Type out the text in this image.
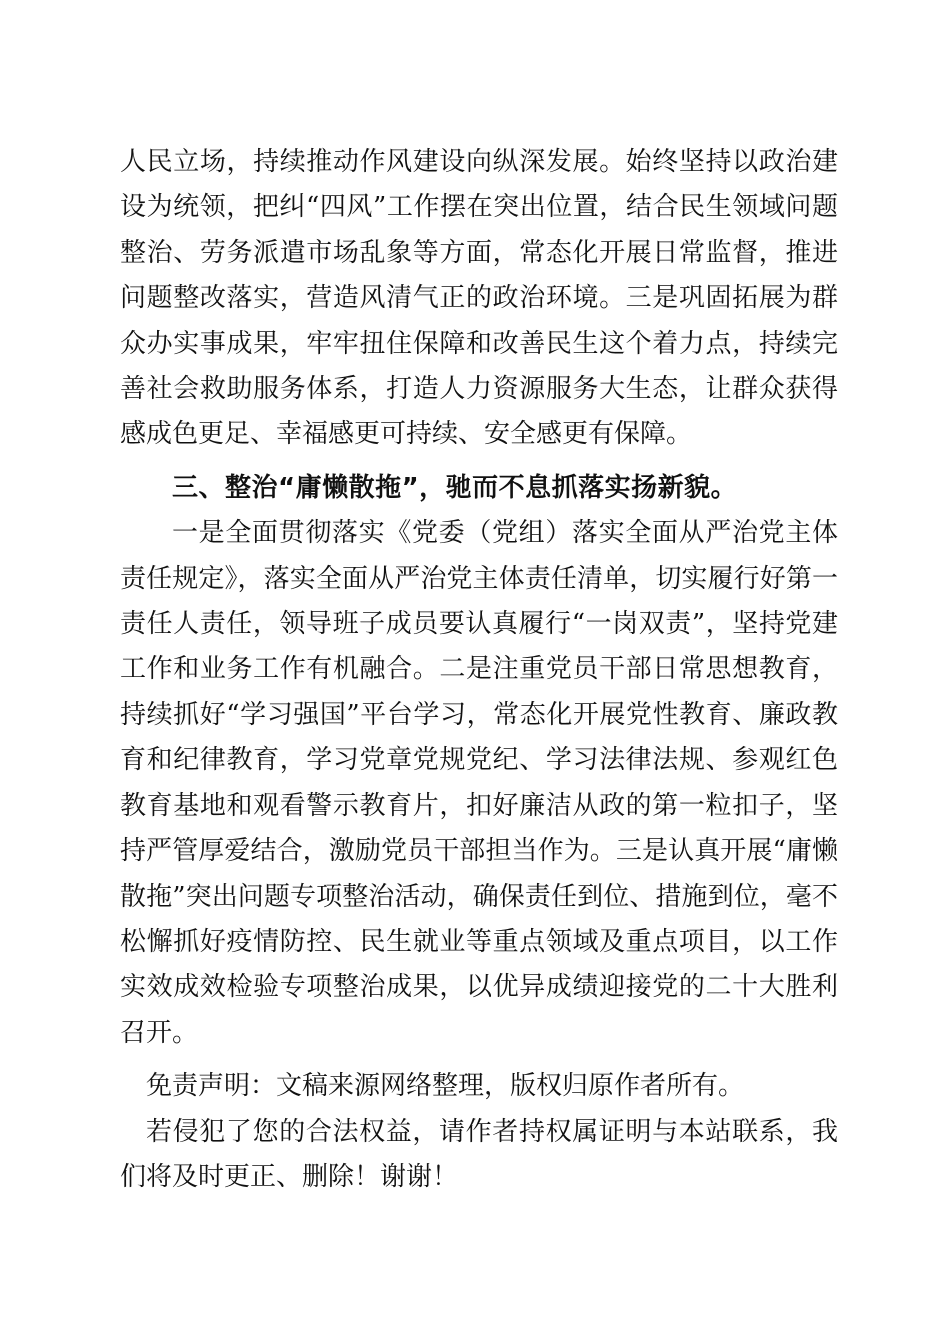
人民立场，持续推动作风建设向纵深发展。始终坚持以政治建设为统领，把纠“四风”工作摆在突出位置，结合民生领域问题整治、劳务派遣市场乱象等方面，常态化开展日常监督，推进问题整改落实，营造风清气正的政治环境。三是巩固拓展为群众办实事成果，牢牢扭住保障和改善民生这个着力点，持续完善社会救助服务体系，打造人力资源服务大生态，让群众获得感成色更足、幸福感更可持续、安全感更有保障。

三、整治“庸懒散拖”，驰而不息抓落实扬新貌。

一是全面贯彻落实《党委（党组）落实全面从严治党主体责任规定》，落实全面从严治党主体责任清单，切实履行好第一责任人责任，领导班子成员要认真履行“一岗双责”，坚持党建工作和业务工作有机融合。二是注重党员干部日常思想教育，持续抓好“学习强国”平台学习，常态化开展党性教育、廉政教育和纪律教育，学习党章党规党纪、学习法律法规、参观红色教育基地和观看警示教育片，扣好廉洁从政的第一粒扣子，坚持严管厚爱结合，激励党员干部担当作为。三是认真开展“庸懒散拖”突出问题专项整治活动，确保责任到位、措施到位，毫不松懈抓好疫情防控、民生就业等重点领域及重点项目，以工作实效成效检验专项整治成果，以优异成绩迎接党的二十大胜利召开。

免责声明：文稿来源网络整理，版权归原作者所有。

若侵犯了您的合法权益，请作者持权属证明与本站联系，我们将及时更正、删除！谢谢！
